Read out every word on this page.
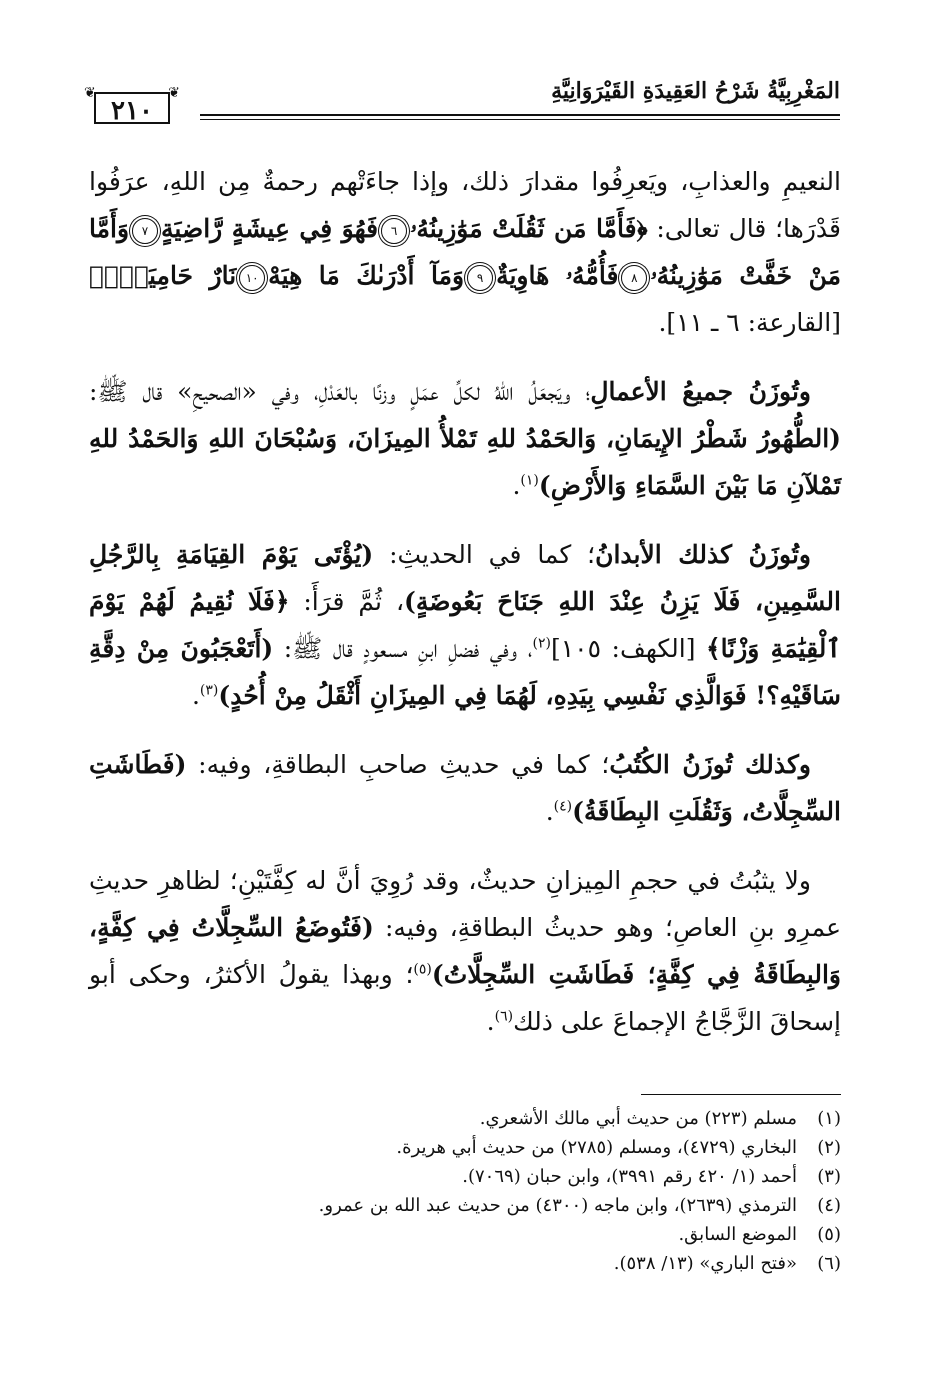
المَغْرِبِيَّةُ شَرْحُ العَقِيدَةِ القَيْرَوَانِيَّةِ
❦	❦
٢١٠

النعيمِ والعذابِ، ويَعرِفُوا مقدارَ ذلك، وإذا جاءَتْهم رحمةٌ مِن اللهِ، عرَفُوا قَدْرَها؛ قال تعالى: ﴿فَأَمَّا مَن ثَقُلَتْ مَوَٰزِينُهُۥ٦فَهُوَ فِي عِيشَةٍ رَّاضِيَةٍ٧وَأَمَّا مَنْ خَفَّتْ مَوَٰزِينُهُۥ٨فَأُمُّهُۥ هَاوِيَةٌ٩وَمَآ أَدْرَىٰكَ مَا هِيَهْ١٠نَارٌ حَامِيَةٌۢ﴾ [القارعة: ٦ ـ ١١].

وتُوزَنُ جميعُ الأعمالِ؛ ويَجعَلُ اللهُ لكلِّ عمَلٍ وزنًا بالعَدْلِ، وفي «الصحيحِ» قال ﷺ: (الطُّهُورُ شَطْرُ الإِيمَانِ، وَالحَمْدُ للهِ تَمْلأُ المِيزَانَ، وَسُبْحَانَ اللهِ وَالحَمْدُ للهِ تَمْلآنِ مَا بَيْنَ السَّمَاءِ وَالأَرْضِ)$^{(١)}$.

وتُوزَنُ كذلك الأبدانُ؛ كما في الحديثِ: (يُؤْتَى يَوْمَ القِيَامَةِ بِالرَّجُلِ السَّمِينِ، فَلَا يَزِنُ عِنْدَ اللهِ جَنَاحَ بَعُوضَةٍ)، ثُمَّ قرَأَ: ﴿فَلَا نُقِيمُ لَهُمْ يَوْمَ ٱلْقِيَٰمَةِ وَزْنًا﴾ [الكهف: ١٠٥]$^{(٢)}$، وفي فضلِ ابنِ مسعودٍ قال ﷺ: (أَتَعْجَبُونَ مِنْ دِقَّةِ سَاقَيْهِ؟! فَوَالَّذِي نَفْسِي بِيَدِهِ، لَهُمَا فِي المِيزَانِ أَثْقَلُ مِنْ أُحُدٍ)$^{(٣)}$.

وكذلك تُوزَنُ الكُتُبُ؛ كما في حديثِ صاحبِ البطاقةِ، وفيه: (فَطَاشَتِ السِّجِلَّاتُ، وَثَقُلَتِ البِطَاقَةُ)$^{(٤)}$.

ولا يثبُتُ في حجمِ المِيزانِ حديثٌ، وقد رُوِيَ أنَّ له كِفَّتَيْنِ؛ لظاهرِ حديثِ عمرِو بنِ العاصِ؛ وهو حديثُ البطاقةِ، وفيه: (فَتُوضَعُ السِّجِلَّاتُ فِي كِفَّةٍ، وَالبِطَاقَةُ فِي كِفَّةٍ؛ فَطَاشَتِ السِّجِلَّاتُ)$^{(٥)}$؛ وبهذا يقولُ الأكثرُ، وحكى أبو إسحاقَ الزَّجَّاجُ الإجماعَ على ذلك$^{(٦)}$.

(١)مسلم (٢٢٣) من حديث أبي مالك الأشعري.
(٢)البخاري (٤٧٢٩)، ومسلم (٢٧٨٥) من حديث أبي هريرة.
(٣)أحمد (١/ ٤٢٠ رقم ٣٩٩١)، وابن حبان (٧٠٦٩).
(٤)الترمذي (٢٦٣٩)، وابن ماجه (٤٣٠٠) من حديث عبد الله بن عمرو.
(٥)الموضع السابق.
(٦)«فتح الباري» (١٣/ ٥٣٨).
